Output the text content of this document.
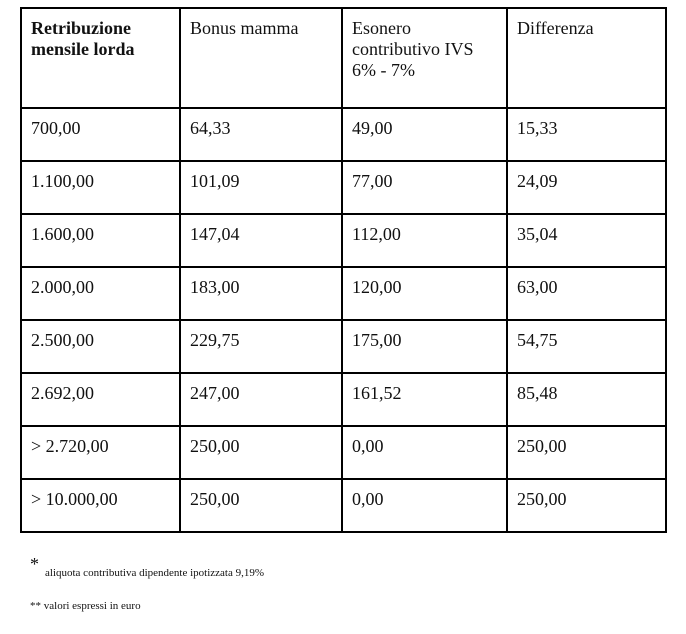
Retribuzione mensile lorda	Bonus mamma	Esonero contributivo IVS 6% - 7%	Differenza
700,00	64,33	49,00	15,33
1.100,00	101,09	77,00	24,09
1.600,00	147,04	112,00	35,04
2.000,00	183,00	120,00	63,00
2.500,00	229,75	175,00	54,75
2.692,00	247,00	161,52	85,48
> 2.720,00	250,00	0,00	250,00
> 10.000,00	250,00	0,00	250,00
* aliquota contributiva dipendente ipotizzata 9,19%
** valori espressi in euro
